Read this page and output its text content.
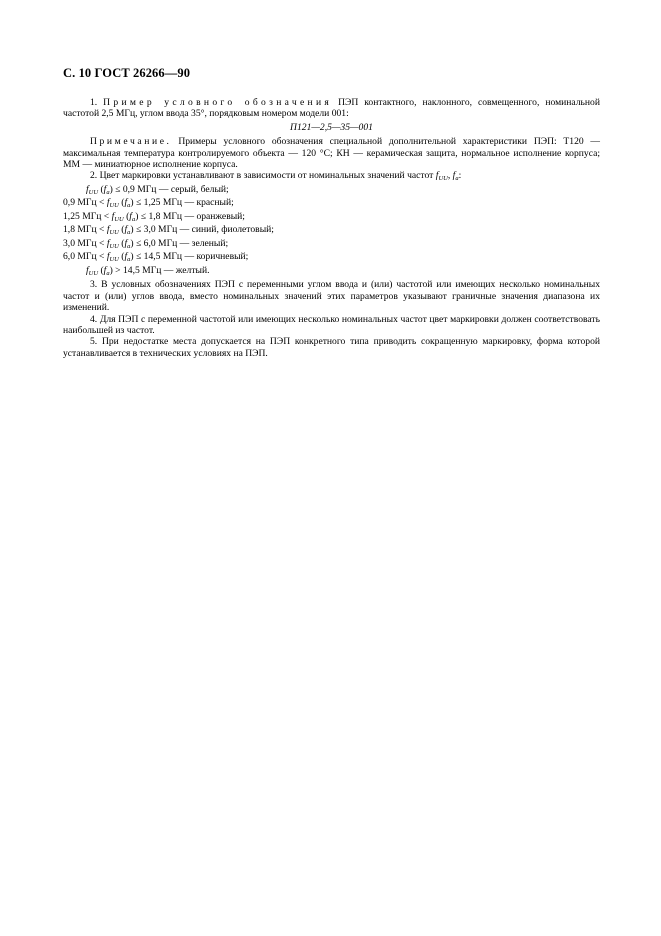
С. 10 ГОСТ 26266—90

1. Пример условного обозначения ПЭП контактного, наклонного, совмещенного, номинальной частотой 2,5 МГц, углом ввода 35°, порядковым номером модели 001:

П121—2,5—35—001

Примечание. Примеры условного обозначения специальной дополнительной характеристики ПЭП: Т120 — максимальная температура контролируемого объекта — 120 °С; КН — керамическая защита, нормальное исполнение корпуса; ММ — миниатюрное исполнение корпуса.

2. Цвет маркировки устанавливают в зависимости от номинальных значений частот $f_{UU}$, $f_a$:

$f_{UU}$ $(f_a) \le 0,9$ МГц — серый, белый;
0,9 МГц < $f_{UU}$ $(f_a) \le 1,25$ МГц — красный;
1,25 МГц < $f_{UU}$ $(f_a) \le 1,8$ МГц — оранжевый;
1,8 МГц < $f_{UU}$ $(f_a) \le 3,0$ МГц — синий, фиолетовый;
3,0 МГц < $f_{UU}$ $(f_a) \le 6,0$ МГц — зеленый;
6,0 МГц < $f_{UU}$ $(f_a) \le 14,5$ МГц — коричневый;
$f_{UU}$ $(f_a) > 14,5$ МГц — желтый.

3. В условных обозначениях ПЭП с переменными углом ввода и (или) частотой или имеющих несколько номинальных частот и (или) углов ввода, вместо номинальных значений этих параметров указывают граничные значения диапазона их изменений.

4. Для ПЭП с переменной частотой или имеющих несколько номинальных частот цвет маркировки должен соответствовать наибольшей из частот.

5. При недостатке места допускается на ПЭП конкретного типа приводить сокращенную маркировку, форма которой устанавливается в технических условиях на ПЭП.
